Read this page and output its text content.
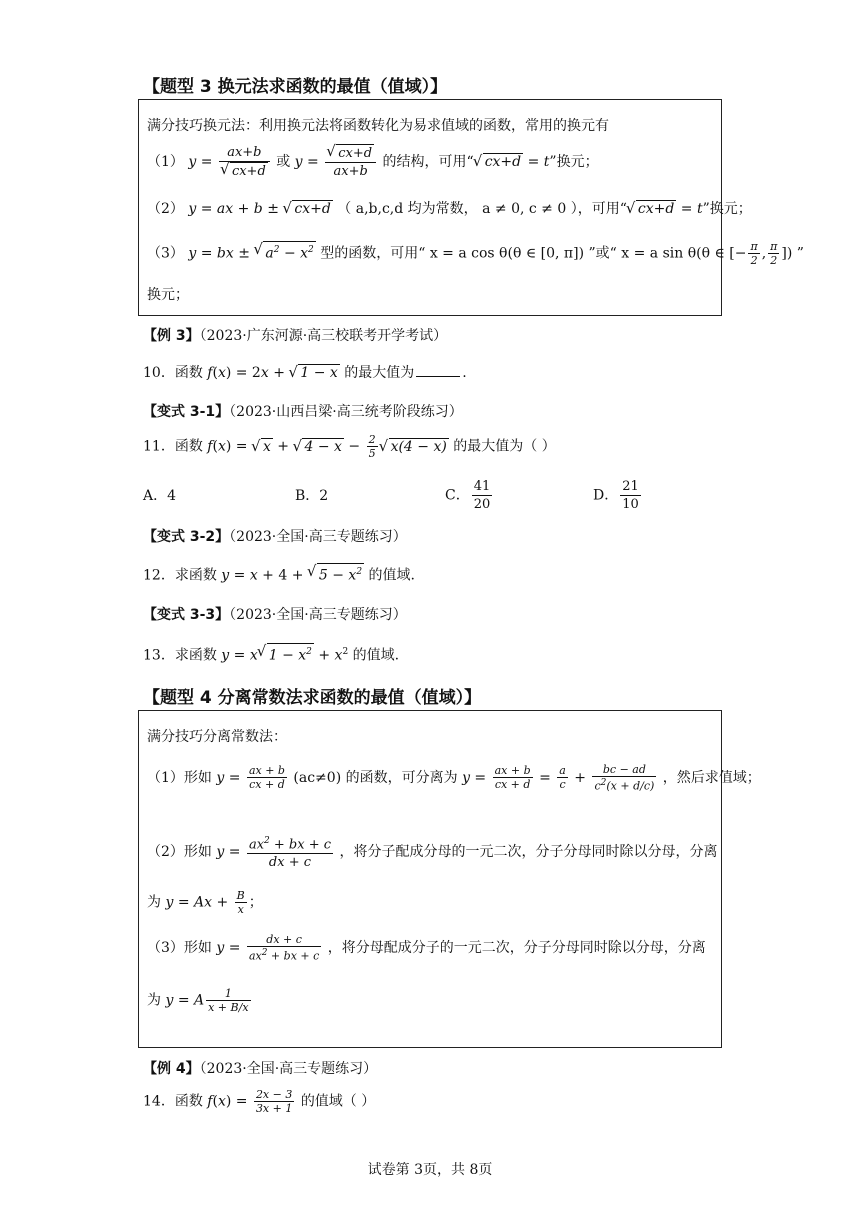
【题型 3 换元法求函数的最值（值域）】
满分技巧换元法：利用换元法将函数转化为易求值域的函数，常用的换元有
（1） y = ax+b
√ cx+d 或 y = √ $\frac{cx+d}{ax+b}$ 的结构，可用“ √ cx+d = t”换元；
（2） y = ax + b ± √ cx+d （ a,b,c,d 均为常数， a ≠ 0, c ≠ 0 ），可用“ √ cx+d = t”换元；
（3） y = bx ± √ $a^2 - x^2$ 型的函数，可用“ x = a cos θ(θ ∈ [0, π]) ”或“ x = a sin θ(θ ∈ [− $\frac{\pi}{2}$ , $\frac{\pi}{2}$ ]) ”
换元；
【例 3】（2023·广东河源·高三校联考开学考试）
10．函数 f(x) = 2x + √ 1 − x 的最大值为	.
【变式 3-1】（2023·山西吕梁·高三统考阶段练习）
11．函数 f(x) = √ x + √ $4 - x - \frac{2}{5}$ √ x(4 − x) 的最大值为（ ）
A．4	B．2	C． $\frac{41}{20}$	D． $\frac{21}{10}$
【变式 3-2】（2023·全国·高三专题练习）
12．求函数 y = x + 4 + √ $5 - x^2$ 的值域.
【变式 3-3】（2023·全国·高三专题练习）
13．求函数 y = x √ $1 - x^2 + x^2$ 的值域.
【题型 4 分离常数法求函数的最值（值域）】
满分技巧分离常数法：
（1）形如 $y = \frac{ax + b}{cx + d} (ac\ne 0)$ 的函数，可分离为 $y = \frac{ax + b}{cx + d} = \frac{a}{c} + \frac{bc - ad}{c^2(x + d/c)}$ ，然后求值域；
（2）形如 $y = \frac{ax^2 + bx + c}{dx + c}$ ，将分子配成分母的一元二次，分子分母同时除以分母，分离
为 $y = Ax + \frac{B}{x}$ ；
（3）形如 $y = \frac{dx + c}{ax^2 + bx + c}$ ，将分母配成分子的一元二次，分子分母同时除以分母，分离
为 y = A $\frac{1}{x + B/x}$
【例 4】（2023·全国·高三专题练习）
14．函数 $f(x) = \frac{2x - 3}{3x + 1}$ 的值域（ ）
试卷第 3页，共 8页
